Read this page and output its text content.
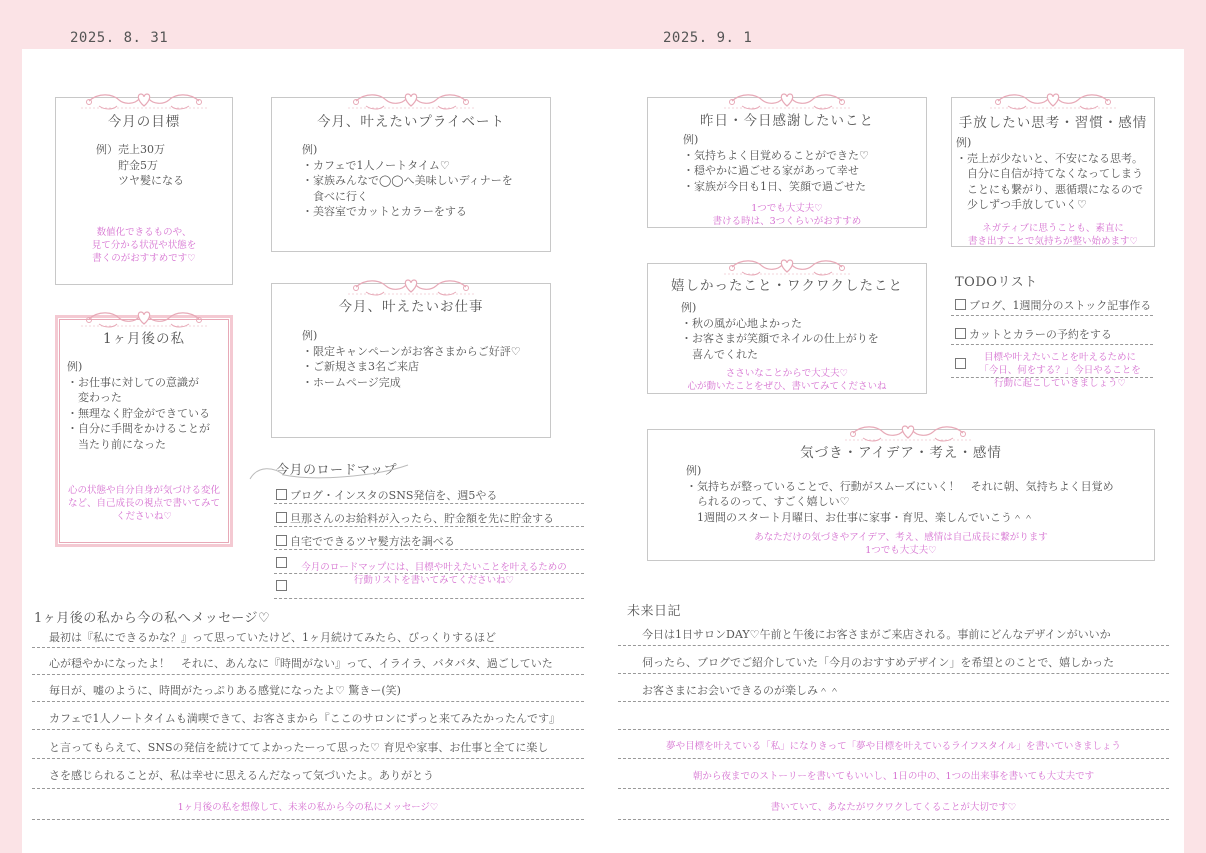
2025. 8. 31	2025. 9. 1
今月の目標
例）売上30万
　　貯金5万
　　ツヤ髪になる
数値化できるものや、
見て分かる状況や状態を
書くのがおすすめです♡
今月、叶えたいプライベート
例)
・カフェで1人ノートタイム♡
・家族みんなで◯◯へ美味しいディナーを
　食べに行く
・美容室でカットとカラーをする
1ヶ月後の私
例)
・お仕事に対しての意識が
　変わった
・無理なく貯金ができている
・自分に手間をかけることが
　当たり前になった
心の状態や自分自身が気づける変化
など、自己成長の視点で書いてみて
くださいね♡
今月、叶えたいお仕事
例)
・限定キャンペーンがお客さまからご好評♡
・ご新規さま3名ご来店
・ホームページ完成
今月のロードマップ
ブログ・インスタのSNS発信を、週5やる
旦那さんのお給料が入ったら、貯金額を先に貯金する
自宅でできるツヤ髪方法を調べる
今月のロードマップには、目標や叶えたいことを叶えるための
行動リストを書いてみてくださいね♡
1ヶ月後の私から今の私へメッセージ♡
最初は『私にできるかな？』って思っていたけど、1ヶ月続けてみたら、びっくりするほど
心が穏やかになったよ！　それに、あんなに『時間がない』って、イライラ、バタバタ、過ごしていた
毎日が、嘘のように、時間がたっぷりある感覚になったよ♡ 驚きー(笑)
カフェで1人ノートタイムも満喫できて、お客さまから『ここのサロンにずっと来てみたかったんです』
と言ってもらえて、SNSの発信を続けててよかったーって思った♡ 育児や家事、お仕事と全てに楽し
さを感じられることが、私は幸せに思えるんだなって気づいたよ。ありがとう
1ヶ月後の私を想像して、未来の私から今の私にメッセージ♡
昨日・今日感謝したいこと
例)
・気持ちよく目覚めることができた♡
・穏やかに過ごせる家があって幸せ
・家族が今日も1日、笑顔で過ごせた
1つでも大丈夫♡
書ける時は、3つくらいがおすすめ
手放したい思考・習慣・感情
例)
・売上が少ないと、不安になる思考。
　自分に自信が持てなくなってしまう
　ことにも繋がり、悪循環になるので
　少しずつ手放していく♡
ネガティブに思うことも、素直に
書き出すことで気持ちが整い始めます♡
嬉しかったこと・ワクワクしたこと
例)
・秋の風が心地よかった
・お客さまが笑顔でネイルの仕上がりを
　喜んでくれた
ささいなことからで大丈夫♡
心が動いたことをぜひ、書いてみてくださいね
TODOリスト
ブログ、1週間分のストック記事作る
カットとカラーの予約をする
目標や叶えたいことを叶えるために
「今日、何をする？」今日やることを
行動に起こしていきましょう♡
気づき・アイデア・考え・感情
例)
・気持ちが整っていることで、行動がスムーズにいく！　それに朝、気持ちよく目覚め
　られるのって、すごく嬉しい♡
　1週間のスタート月曜日、お仕事に家事・育児、楽しんでいこう＾＾
あなただけの気づきやアイデア、考え、感情は自己成長に繋がります
1つでも大丈夫♡
未来日記
今日は1日サロンDAY♡午前と午後にお客さまがご来店される。事前にどんなデザインがいいか
伺ったら、ブログでご紹介していた「今月のおすすめデザイン」を希望とのことで、嬉しかった
お客さまにお会いできるのが楽しみ＾＾
夢や目標を叶えている「私」になりきって「夢や目標を叶えているライフスタイル」を書いていきましょう
朝から夜までのストーリーを書いてもいいし、1日の中の、1つの出来事を書いても大丈夫です
書いていて、あなたがワクワクしてくることが大切です♡
